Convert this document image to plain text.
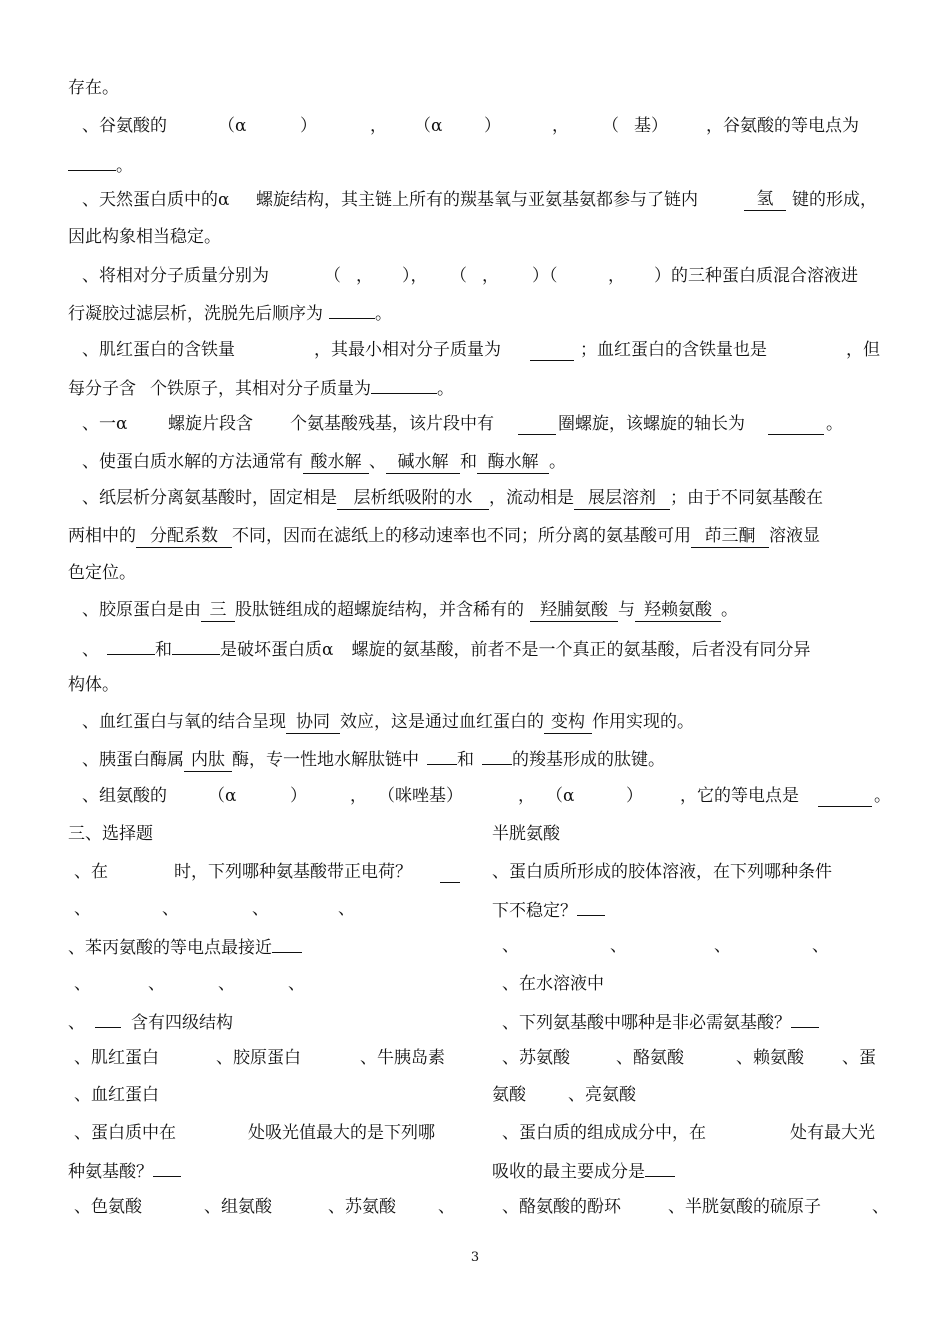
存在。
、谷氨酸的	（α	）	， （α ）	， （ 基） ，谷氨酸的等电点为
。
、天然蛋白质中的α 螺旋结构，其主链上所有的羰基氧与亚氨基氨都参与了链内	氢	键的形成，
因此构象相当稳定。
、将相对分子质量分别为	（ ， ）， （ ， ）（	， ）的三种蛋白质混合溶液进
行凝胶过滤层析，洗脱先后顺序为	。
、肌红蛋白的含铁量	，其最小相对分子质量为	；血红蛋白的含铁量也是	，但
每分子含 个铁原子，其相对分子质量为	。
、一α 螺旋片段含 个氨基酸残基，该片段中有	圈螺旋，该螺旋的轴长为	。
、使蛋白质水解的方法通常有 酸水解 、 碱水解 和 酶水解 。
、纸层析分离氨基酸时，固定相是 层析纸吸附的水 ，流动相是 展层溶剂 ；由于不同氨基酸在
两相中的 分配系数 不同，因而在滤纸上的移动速率也不同；所分离的氨基酸可用 茚三酮 溶液显
色定位。
、胶原蛋白是由 三 股肽链组成的超螺旋结构，并含稀有的 羟脯氨酸 与 羟赖氨酸 。
、	和	是破坏蛋白质α 螺旋的氨基酸，前者不是一个真正的氨基酸，后者没有同分异
构体。
、血红蛋白与氧的结合呈现 协同 效应，这是通过血红蛋白的 变构 作用实现的。
、胰蛋白酶属 内肽 酶，专一性地水解肽链中 和 的羧基形成的肽键。
、组氨酸的 （α	）	， （咪唑基）	， （α	） ，它的等电点是	。
三、选择题
、在	时，下列哪种氨基酸带正电荷？
、	、	、	、
、苯丙氨酸的等电点最接近
、	、	、	、
、	含有四级结构
、肌红蛋白	、胶原蛋白	、牛胰岛素
、血红蛋白
、蛋白质中在	处吸光值最大的是下列哪
种氨基酸？
、色氨酸	、组氨酸	、苏氨酸 、
半胱氨酸
、蛋白质所形成的胶体溶液，在下列哪种条件
下不稳定？
、	、	、	、
、在水溶液中
、下列氨基酸中哪种是非必需氨基酸？
、苏氨酸	、酪氨酸	、赖氨酸 、蛋
氨酸 、亮氨酸
、蛋白质的组成成分中，在	处有最大光
吸收的最主要成分是
、酪氨酸的酚环	、半胱氨酸的硫原子	、
3
